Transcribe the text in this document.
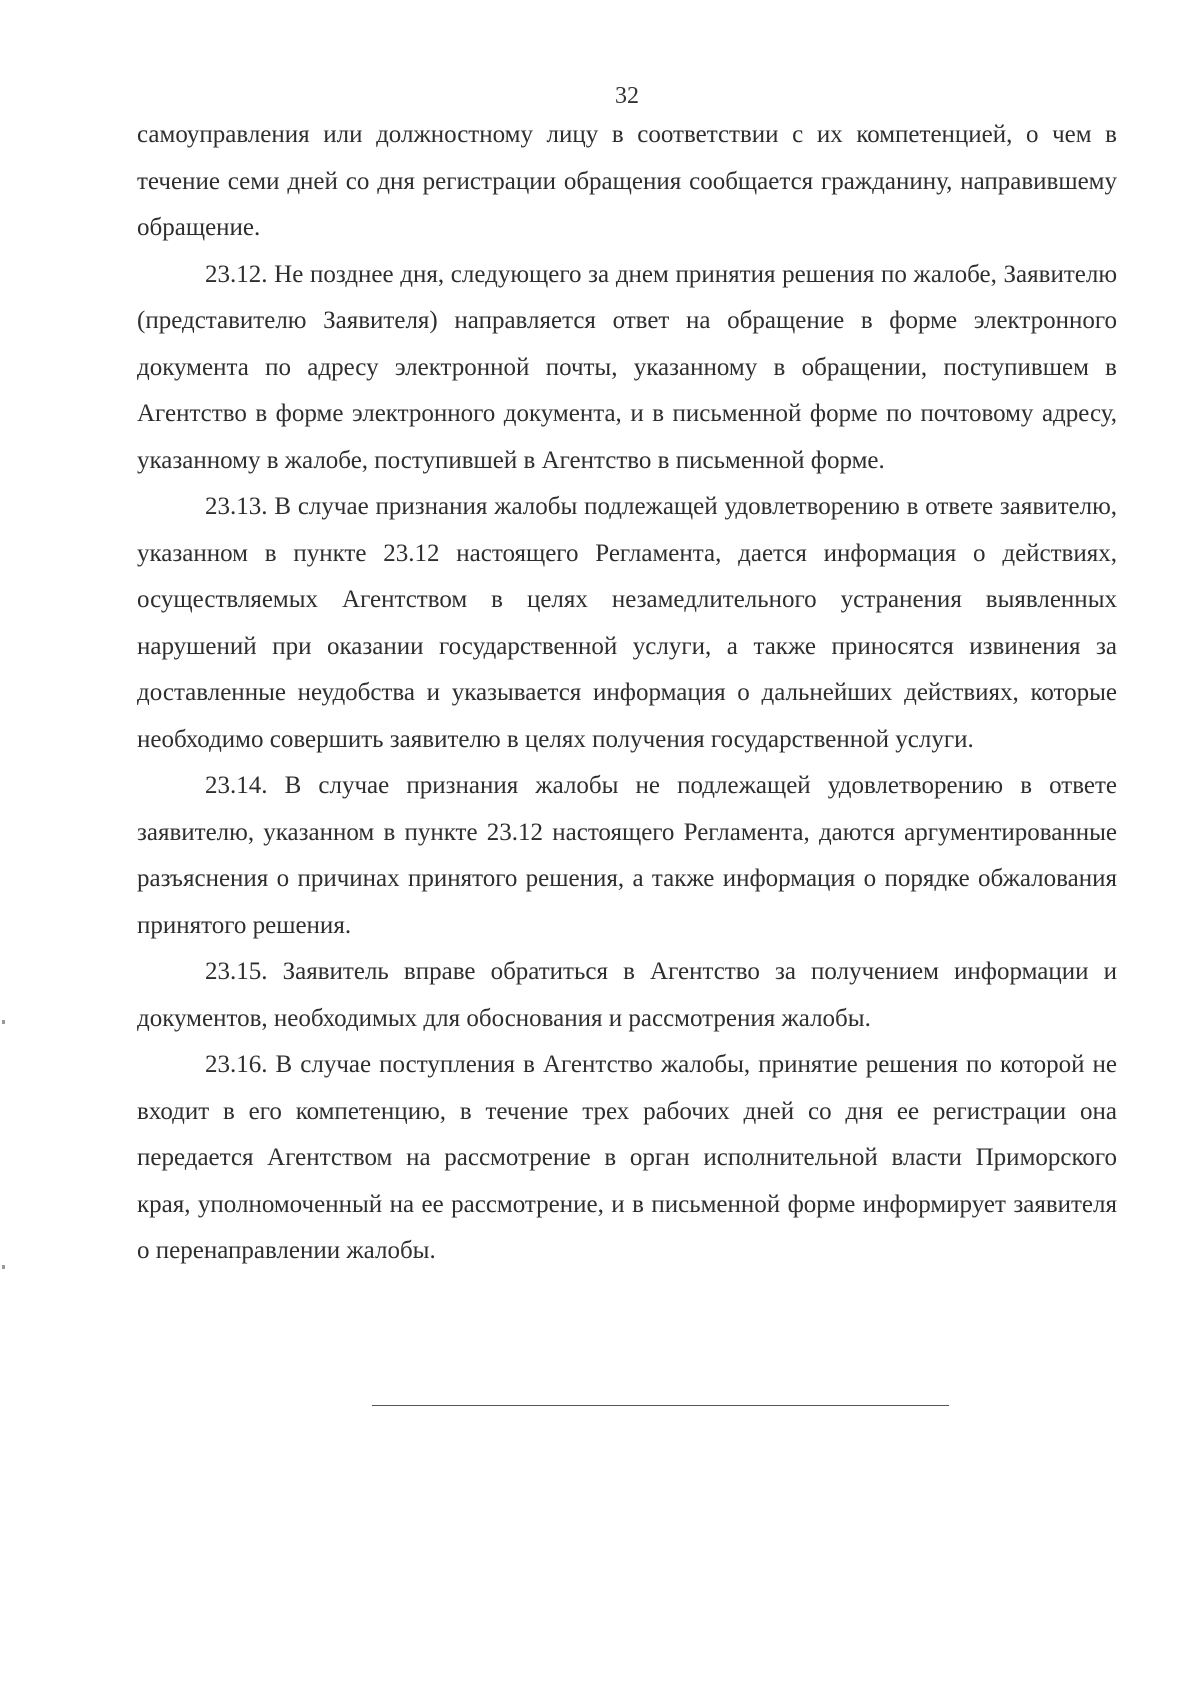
32

самоуправления или должностному лицу в соответствии с их компетенцией, о чем в течение семи дней со дня регистрации обращения сообщается гражданину, направившему обращение.

23.12. Не позднее дня, следующего за днем принятия решения по жалобе, Заявителю (представителю Заявителя) направляется ответ на обращение в форме электронного документа по адресу электронной почты, указанному в обращении, поступившем в Агентство в форме электронного документа, и в письменной форме по почтовому адресу, указанному в жалобе, поступившей в Агентство в письменной форме.

23.13. В случае признания жалобы подлежащей удовлетворению в ответе заявителю, указанном в пункте 23.12 настоящего Регламента, дается информация о действиях, осуществляемых Агентством в целях незамедлительного устранения выявленных нарушений при оказании государственной услуги, а также приносятся извинения за доставленные неудобства и указывается информация о дальнейших действиях, которые необходимо совершить заявителю в целях получения государственной услуги.

23.14. В случае признания жалобы не подлежащей удовлетворению в ответе заявителю, указанном в пункте 23.12 настоящего Регламента, даются аргументированные разъяснения о причинах принятого решения, а также информация о порядке обжалования принятого решения.

23.15. Заявитель вправе обратиться в Агентство за получением информации и документов, необходимых для обоснования и рассмотрения жалобы.

23.16. В случае поступления в Агентство жалобы, принятие решения по которой не входит в его компетенцию, в течение трех рабочих дней со дня ее регистрации она передается Агентством на рассмотрение в орган исполнительной власти Приморского края, уполномоченный на ее рассмотрение, и в письменной форме информирует заявителя о перенаправлении жалобы.
